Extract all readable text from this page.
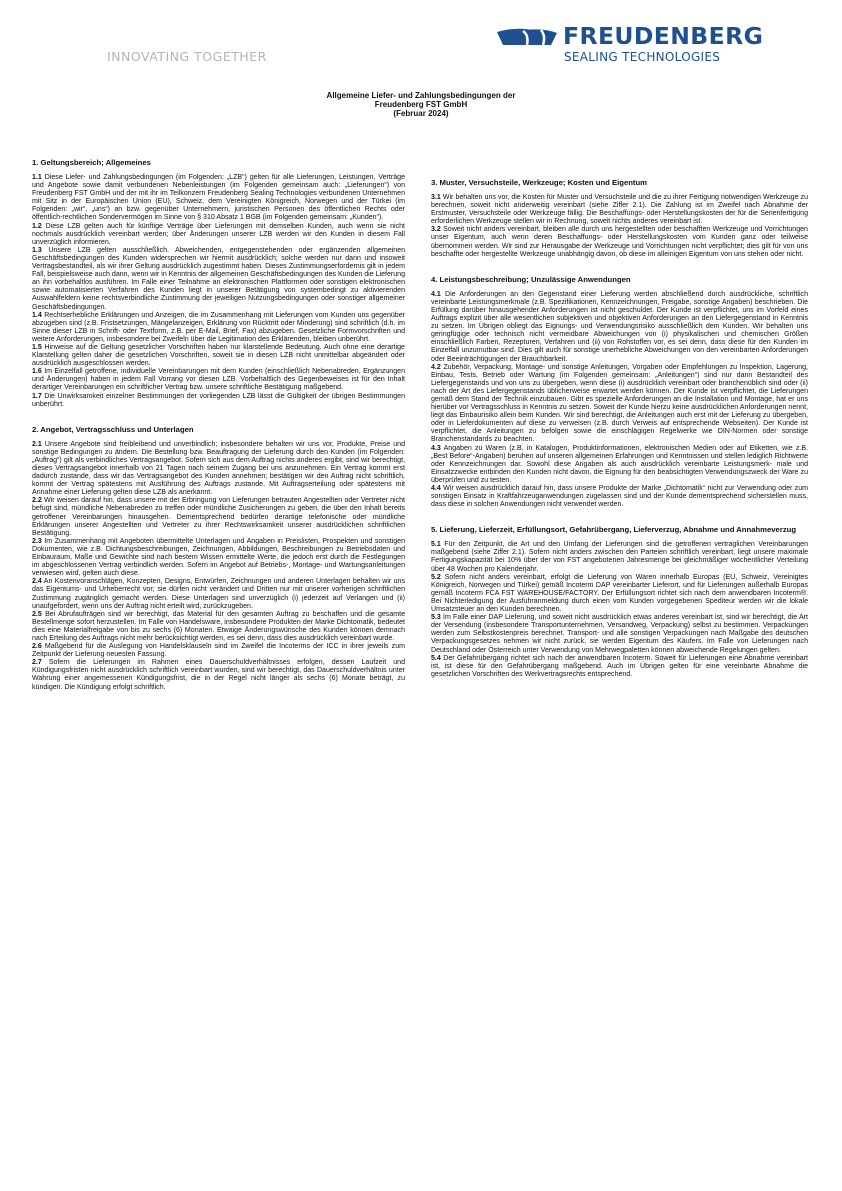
INNOVATING TOGETHER
FREUDENBERG
SEALING TECHNOLOGIES
Allgemeine Liefer- und Zahlungsbedingungen der
Freudenberg FST GmbH
(Februar 2024)
1. Geltungsbereich; Allgemeines

1.1 Diese Liefer- und Zahlungsbedingungen (im Folgenden: „LZB“) gelten für alle Lieferungen, Leistungen, Verträge und Angebote sowie damit verbundenen Nebenleistungen (im Folgenden gemeinsam auch: „Lieferungen“) von Freudenberg FST GmbH und der mit ihr im Teilkonzern Freudenberg Sealing Technologies verbundenen Unternehmen mit Sitz in der Europäischen Union (EU), Schweiz, dem Vereinigten Königreich, Norwegen und der Türkei (im Folgenden: „wir“, „uns“) an bzw. gegenüber Unternehmern, juristischen Personen des öffentlichen Rechts oder öffentlich-rechtlichen Sondervermögen im Sinne von § 310 Absatz 1 BGB (im Folgenden gemeinsam: „Kunden“).

1.2 Diese LZB gelten auch für künftige Verträge über Lieferungen mit demselben Kunden, auch wenn sie nicht nochmals ausdrücklich vereinbart werden; über Änderungen unserer LZB werden wir den Kunden in diesem Fall unverzüglich informieren.

1.3 Unsere LZB gelten ausschließlich. Abweichenden, entgegenstehenden oder ergänzenden allgemeinen Geschäftsbedingungen des Kunden widersprechen wir hiermit ausdrücklich; solche werden nur dann und insoweit Vertragsbestandteil, als wir ihrer Geltung ausdrücklich zugestimmt haben. Dieses Zustimmungserfordernis gilt in jedem Fall, beispielsweise auch dann, wenn wir in Kenntnis der allgemeinen Geschäftsbedingungen des Kunden die Lieferung an ihn vorbehaltlos ausführen. Im Falle einer Teilnahme an elektronischen Plattformen oder sonstigen elektronischen sowie automatisierten Verfahren des Kunden liegt in unserer Betätigung von systembedingt zu aktivierenden Auswahlfeldern keine rechtsverbindliche Zustimmung der jeweiligen Nutzungsbedingungen oder sonstiger allgemeiner Geschäftsbedingungen.

1.4 Rechtserhebliche Erklärungen und Anzeigen, die im Zusammenhang mit Lieferungen vom Kunden uns gegenüber abzugeben sind (z.B. Fristsetzungen, Mängelanzeigen, Erklärung von Rücktritt oder Minderung) sind schriftlich (d.h. im Sinne dieser LZB in Schrift- oder Textform, z.B. per E-Mail, Brief, Fax) abzugeben. Gesetzliche Formvorschriften und weitere Anforderungen, insbesondere bei Zweifeln über die Legitimation des Erklärenden, bleiben unberührt.

1.5 Hinweise auf die Geltung gesetzlicher Vorschriften haben nur klarstellende Bedeutung. Auch ohne eine derartige Klarstellung gelten daher die gesetzlichen Vorschriften, soweit sie in diesen LZB nicht unmittelbar abgeändert oder ausdrücklich ausgeschlossen werden.

1.6 Im Einzelfall getroffene, individuelle Vereinbarungen mit dem Kunden (einschließlich Nebenabreden, Ergänzungen und Änderungen) haben in jedem Fall Vorrang vor diesen LZB. Vorbehaltlich des Gegenbeweises ist für den Inhalt derartiger Vereinbarungen ein schriftlicher Vertrag bzw. unsere schriftliche Bestätigung maßgebend.

1.7 Die Unwirksamkeit einzelner Bestimmungen der vorliegenden LZB lässt die Gültigkeit der übrigen Bestimmungen unberührt.

2. Angebot, Vertragsschluss und Unterlagen

2.1 Unsere Angebote sind freibleibend und unverbindlich; insbesondere behalten wir uns vor, Produkte, Preise und sonstige Bedingungen zu ändern. Die Bestellung bzw. Beauftragung der Lieferung durch den Kunden (im Folgenden: „Auftrag“) gilt als verbindliches Vertragsangebot. Sofern sich aus dem Auftrag nichts anderes ergibt, sind wir berechtigt, dieses Vertragsangebot innerhalb von 21 Tagen nach seinem Zugang bei uns anzunehmen. Ein Vertrag kommt erst dadurch zustande, dass wir das Vertragsangebot des Kunden annehmen; bestätigen wir den Auftrag nicht schriftlich, kommt der Vertrag spätestens mit Ausführung des Auftrags zustande. Mit Auftragserteilung oder spätestens mit Annahme einer Lieferung gelten diese LZB als anerkannt.

2.2 Wir weisen darauf hin, dass unsere mit der Erbringung von Lieferungen betrauten Angestellten oder Vertreter nicht befugt sind, mündliche Nebenabreden zu treffen oder mündliche Zusicherungen zu geben, die über den Inhalt bereits getroffener Vereinbarungen hinausgehen. Dementsprechend bedürfen derartige telefonische oder mündliche Erklärungen unserer Angestellten und Vertreter zu ihrer Rechtswirksamkeit unserer ausdrücklichen schriftlichen Bestätigung.

2.3 Im Zusammenhang mit Angeboten übermittelte Unterlagen und Angaben in Preislisten, Prospekten und sonstigen Dokumenten, wie z.B. Dichtungsbeschreibungen, Zeichnungen, Abbildungen, Beschreibungen zu Betriebsdaten und Einbauraum, Maße und Gewichte sind nach bestem Wissen ermittelte Werte, die jedoch erst durch die Festlegungen im abgeschlossenen Vertrag verbindlich werden. Sofern im Angebot auf Betriebs-, Montage- und Wartungsanleitungen verwiesen wird, gelten auch diese.

2.4 An Kostenvoranschlägen, Konzepten, Designs, Entwürfen, Zeichnungen und anderen Unterlagen behalten wir uns das Eigentums- und Urheberrecht vor; sie dürfen nicht verändert und Dritten nur mit unserer vorherigen schriftlichen Zustimmung zugänglich gemacht werden. Diese Unterlagen sind unverzüglich (i) jederzeit auf Verlangen und (ii) unaufgefordert, wenn uns der Auftrag nicht erteilt wird, zurückzugeben.

2.5 Bei Abrufaufträgen sind wir berechtigt, das Material für den gesamten Auftrag zu beschaffen und die gesamte Bestellmenge sofort herzustellen. Im Falle von Handelsware, insbesondere Produkten der Marke Dichtomatik, bedeutet dies eine Materialfreigabe von bis zu sechs (6) Monaten. Etwaige Änderungswünsche des Kunden können demnach nach Erteilung des Auftrags nicht mehr berücksichtigt werden, es sei denn, dass dies ausdrücklich vereinbart wurde.

2.6 Maßgebend für die Auslegung von Handelsklauseln sind im Zweifel die Incoterms der ICC in ihrer jeweils zum Zeitpunkt der Lieferung neuesten Fassung.

2.7 Sofern die Lieferungen im Rahmen eines Dauerschuldverhältnisses erfolgen, dessen Laufzeit und Kündigungsfristen nicht ausdrücklich schriftlich vereinbart wurden, sind wir berechtigt, das Dauerschuldverhältnis unter Wahrung einer angemessenen Kündigungsfrist, die in der Regel nicht länger als sechs (6) Monate beträgt, zu kündigen. Die Kündigung erfolgt schriftlich.

3. Muster, Versuchsteile, Werkzeuge; Kosten und Eigentum

3.1 Wir behalten uns vor, die Kosten für Muster und Versuchsteile und die zu ihrer Fertigung notwendigen Werkzeuge zu berechnen, soweit nicht anderweitig vereinbart (siehe Ziffer 2.1). Die Zahlung ist im Zweifel nach Abnahme der Erstmuster, Versuchsteile oder Werkzeuge fällig. Die Beschaffungs- oder Herstellungskosten der für die Serienfertigung erforderlichen Werkzeuge stellen wir in Rechnung, soweit nichts anderes vereinbart ist.

3.2 Soweit nicht anders vereinbart, bleiben alle durch uns hergestellten oder beschafften Werkzeuge und Vorrichtungen unser Eigentum, auch wenn deren Beschaffungs- oder Herstellungskosten vom Kunden ganz oder teilweise übernommen werden. Wir sind zur Herausgabe der Werkzeuge und Vorrichtungen nicht verpflichtet; dies gilt für von uns beschaffte oder hergestellte Werkzeuge unabhängig davon, ob diese im alleinigen Eigentum von uns stehen oder nicht.

4. Leistungsbeschreibung; Unzulässige Anwendungen

4.1 Die Anforderungen an den Gegenstand einer Lieferung werden abschließend durch ausdrückliche, schriftlich vereinbarte Leistungsmerkmale (z.B. Spezifikationen, Kennzeichnungen, Freigabe, sonstige Angaben) beschrieben. Die Erfüllung darüber hinausgehender Anforderungen ist nicht geschuldet. Der Kunde ist verpflichtet, uns im Vorfeld eines Auftrags explizit über alle wesentlichen subjektiven und objektiven Anforderungen an den Liefergegenstand in Kenntnis zu setzen. Im Übrigen obliegt das Eignungs- und Verwendungsrisiko ausschließlich dem Kunden. Wir behalten uns geringfügige oder technisch nicht vermeidbare Abweichungen von (i) physikalischen und chemischen Größen einschließlich Farben, Rezepturen, Verfahren und (ii) von Rohstoffen vor, es sei denn, dass diese für den Kunden im Einzelfall unzumutbar sind. Dies gilt auch für sonstige unerhebliche Abweichungen von den vereinbarten Anforderungen oder Beeinträchtigungen der Brauchbarkeit.

4.2 Zubehör, Verpackung, Montage- und sonstige Anleitungen, Vorgaben oder Empfehlungen zu Inspektion, Lagerung, Einbau, Tests, Betrieb oder Wartung (im Folgenden gemeinsam: „Anleitungen“) sind nur dann Bestandteil des Liefergegenstands und von uns zu übergeben, wenn diese (i) ausdrücklich vereinbart oder branchenüblich sind oder (ii) nach der Art des Liefergegenstands üblicherweise erwartet werden können. Der Kunde ist verpflichtet, die Lieferungen gemäß dem Stand der Technik einzubauen. Gibt es spezielle Anforderungen an die Installation und Montage, hat er uns hierüber vor Vertragsschluss in Kenntnis zu setzen. Soweit der Kunde hierzu keine ausdrücklichen Anforderungen nennt, liegt das Einbaurisiko allein beim Kunden. Wir sind berechtigt, die Anleitungen auch erst mit der Lieferung zu übergeben, oder in Lieferdokumenten auf diese zu verweisen (z.B. durch Verweis auf entsprechende Webseiten). Der Kunde ist verpflichtet, die Anleitungen zu befolgen sowie die einschlägigen Regelwerke wie DIN-Normen oder sonstige Branchenstandards zu beachten.

4.3 Angaben zu Waren (z.B. in Katalogen, Produktinformationen, elektronischen Medien oder auf Etiketten, wie z.B. „Best Before“-Angaben) beruhen auf unseren allgemeinen Erfahrungen und Kenntnissen und stellen lediglich Richtwerte oder Kennzeichnungen dar. Sowohl diese Angaben als auch ausdrücklich vereinbarte Leistungsmerk- male und Einsatzzwecke entbinden den Kunden nicht davon, die Eignung für den beabsichtigten Verwendungszweck der Ware zu überprüfen und zu testen.

4.4 Wir weisen ausdrücklich darauf hin, dass unsere Produkte der Marke „Dichtomatik“ nicht zur Verwendung oder zum sonstigen Einsatz in Kraftfahrzeuganwendungen zugelassen sind und der Kunde dementsprechend sicherstellen muss, dass diese in solchen Anwendungen nicht verwendet werden.

5. Lieferung, Lieferzeit, Erfüllungsort, Gefahrübergang, Lieferverzug, Abnahme und Annahmeverzug

5.1 Für den Zeitpunkt, die Art und den Umfang der Lieferungen sind die getroffenen vertraglichen Vereinbarungen maßgebend (siehe Ziffer 2.1). Sofern nicht anders zwischen den Parteien schriftlich vereinbart, liegt unsere maximale Fertigungskapazität bei 10% über der von FST angebotenen Jahresmenge bei gleichmäßiger wöchentlicher Verteilung über 48 Wochen pro Kalenderjahr.

5.2 Sofern nicht anders vereinbart, erfolgt die Lieferung von Waren innerhalb Europas (EU, Schweiz, Vereinigtes Königreich, Norwegen und Türkei) gemäß Incoterm DAP vereinbarter Lieferort, und für Lieferungen außerhalb Europas gemäß Incoterm FCA FST WAREHOUSE/FACTORY. Der Erfüllungsort richtet sich nach dem anwendbaren Incoterm®. Bei Nichterledigung der Ausfuhranmeldung durch einen vom Kunden vorgegebenen Spediteur werden wir die lokale Umsatzsteuer an den Kunden berechnen.

5.3 Im Falle einer DAP Lieferung, und soweit nicht ausdrücklich etwas anderes vereinbart ist, sind wir berechtigt, die Art der Versendung (insbesondere Transportunternehmen, Versandweg, Verpackung) selbst zu bestimmen. Verpackungen werden zum Selbstkostenpreis berechnet. Transport- und alle sonstigen Verpackungen nach Maßgabe des deutschen Verpackungsgesetzes nehmen wir nicht zurück, sie werden Eigentum des Käufers. Im Falle von Lieferungen nach Deutschland oder Österreich unter Verwendung von Mehrwegpaletten können abweichende Regelungen gelten.

5.4 Der Gefahrübergang richtet sich nach der anwendbaren Incoterm. Soweit für Lieferungen eine Abnahme vereinbart ist, ist diese für den Gefahrübergang maßgebend. Auch im Übrigen gelten für eine vereinbarte Abnahme die gesetzlichen Vorschriften des Werkvertragsrechts entsprechend.
